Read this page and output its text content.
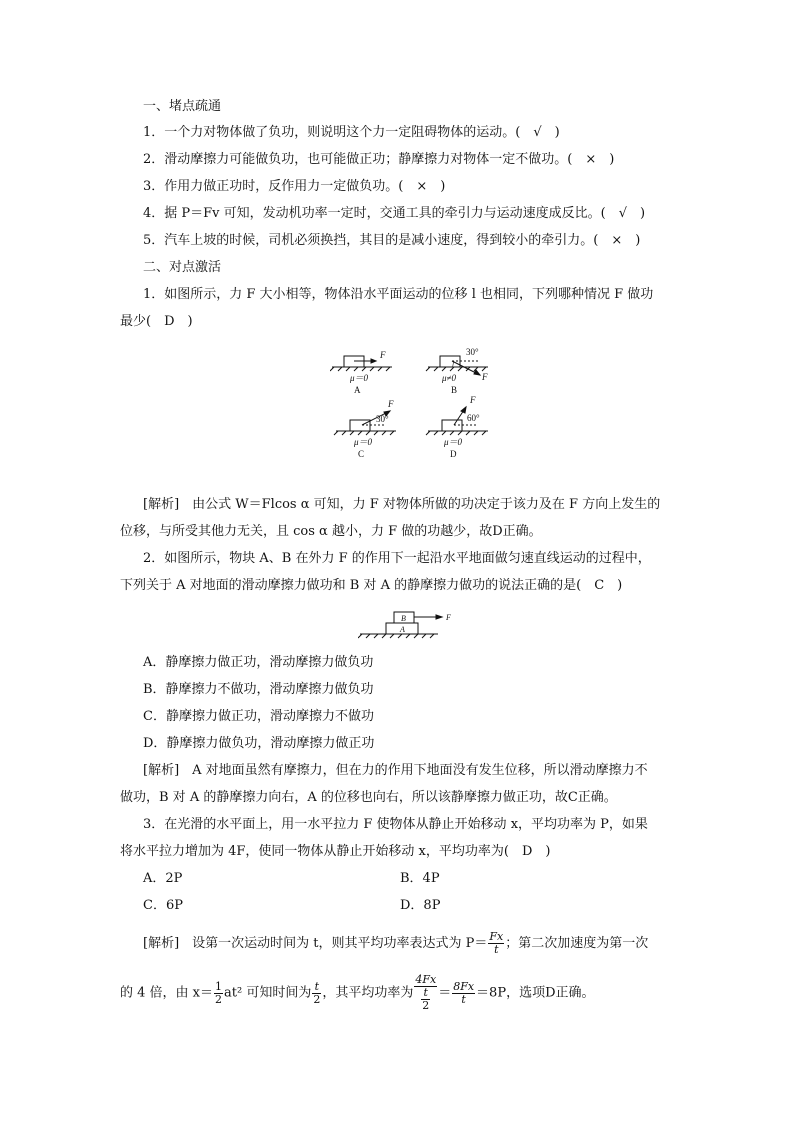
一、堵点疏通
1．一个力对物体做了负功，则说明这个力一定阻碍物体的运动。(　√　)
2．滑动摩擦力可能做负功，也可能做正功；静摩擦力对物体一定不做功。(　×　)
3．作用力做正功时，反作用力一定做负功。(　×　)
4．据 P＝Fv 可知，发动机功率一定时，交通工具的牵引力与运动速度成反比。(　√　)
5．汽车上坡的时候，司机必须换挡，其目的是减小速度，得到较小的牵引力。(　×　)
二、对点激活
1．如图所示，力 F 大小相等，物体沿水平面运动的位移 l 也相同，下列哪种情况 F 做功
最少(　D　)
F
μ＝0
A
l
30°
F
μ≠0
B
F
30°
μ＝0
C
F
60°
μ＝0
D
[解析]　由公式 W＝Flcos α 可知，力 F 对物体所做的功决定于该力及在 F 方向上发生的
位移，与所受其他力无关，且 cos α 越小，力 F 做的功越少，故D正确。
2．如图所示，物块 A、B 在外力 F 的作用下一起沿水平地面做匀速直线运动的过程中，
下列关于 A 对地面的滑动摩擦力做功和 B 对 A 的静摩擦力做功的说法正确的是(　C　)
A
B	F
A．静摩擦力做正功，滑动摩擦力做负功
B．静摩擦力不做功，滑动摩擦力做负功
C．静摩擦力做正功，滑动摩擦力不做功
D．静摩擦力做负功，滑动摩擦力做正功
[解析]　A 对地面虽然有摩擦力，但在力的作用下地面没有发生位移，所以滑动摩擦力不
做功，B 对 A 的静摩擦力向右，A 的位移也向右，所以该静摩擦力做正功，故C正确。
3．在光滑的水平面上，用一水平拉力 F 使物体从静止开始移动 x，平均功率为 P，如果
将水平拉力增加为 4F，使同一物体从静止开始移动 x，平均功率为(　D　)
A．2P	B．4P
C．6P	D．8P
[解析]　设第一次运动时间为 t，则其平均功率表达式为 $P= \frac{Fx}{t}$ ；第二次加速度为第一次
的 4 倍，由 $x= \frac{1}{2} at^2$ 可知时间为 $\frac{t}{2}$ ，其平均功率为 $\frac{4Fx}{\frac{t}{2}} = \frac{8Fx}{t} =8P$，选项D正确。
